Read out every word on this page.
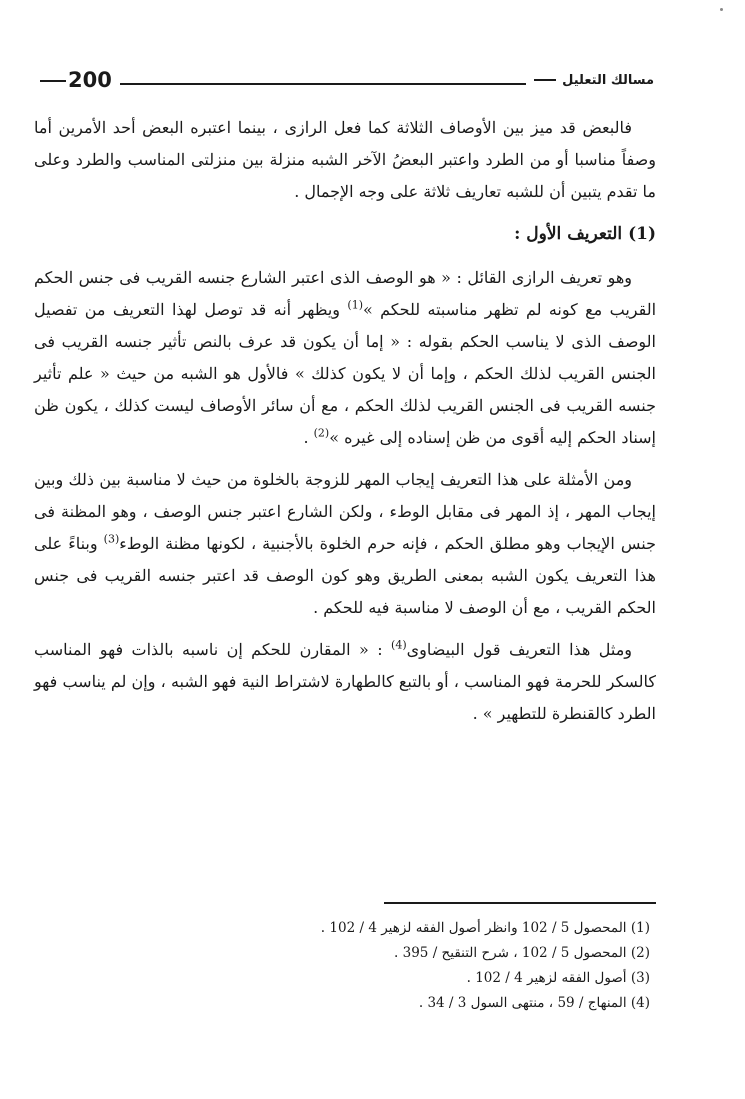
مسالك التعليل
200

فالبعض قد ميز بين الأوصاف الثلاثة كما فعل الرازى ، بينما اعتبره البعض أحد الأمرين أما وصفاً مناسبا أو من الطرد واعتبر البعضُ الآخر الشبه منزلة بين منزلتى المناسب والطرد وعلى ما تقدم يتبين أن للشبه تعاريف ثلاثة على وجه الإجمال .

(1) التعريف الأول :

وهو تعريف الرازى القائل : « هو الوصف الذى اعتبر الشارع جنسه القريب فى جنس الحكم القريب مع كونه لم تظهر مناسبته للحكم »$^{(1)}$ ويظهر أنه قد توصل لهذا التعريف من تفصيل الوصف الذى لا يناسب الحكم بقوله : « إما أن يكون قد عرف بالنص تأثير جنسه القريب فى الجنس القريب لذلك الحكم ، وإما أن لا يكون كذلك » فالأول هو الشبه من حيث « علم تأثير جنسه القريب فى الجنس القريب لذلك الحكم ، مع أن سائر الأوصاف ليست كذلك ، يكون ظن إسناد الحكم إليه أقوى من ظن إسناده إلى غيره »$^{(2)}$ .

ومن الأمثلة على هذا التعريف إيجاب المهر للزوجة بالخلوة من حيث لا مناسبة بين ذلك وبين إيجاب المهر ، إذ المهر فى مقابل الوطء ، ولكن الشارع اعتبر جنس الوصف ، وهو المظنة فى جنس الإيجاب وهو مطلق الحكم ، فإنه حرم الخلوة بالأجنبية ، لكونها مظنة الوطء$^{(3)}$ وبناءً على هذا التعريف يكون الشبه بمعنى الطريق وهو كون الوصف قد اعتبر جنسه القريب فى جنس الحكم القريب ، مع أن الوصف لا مناسبة فيه للحكم .

ومثل هذا التعريف قول البيضاوى$^{(4)}$ : « المقارن للحكم إن ناسبه بالذات فهو المناسب كالسكر للحرمة فهو المناسب ، أو بالتبع كالطهارة لاشتراط النية فهو الشبه ، وإن لم يناسب فهو الطرد كالقنطرة للتطهير » .

(1) المحصول 5 / 102 وانظر أصول الفقه لزهير 4 / 102 .
(2) المحصول 5 / 102 ، شرح التنقيح / 395 .
(3) أصول الفقه لزهير 4 / 102 .
(4) المنهاج / 59 ، منتهى السول 3 / 34 .
